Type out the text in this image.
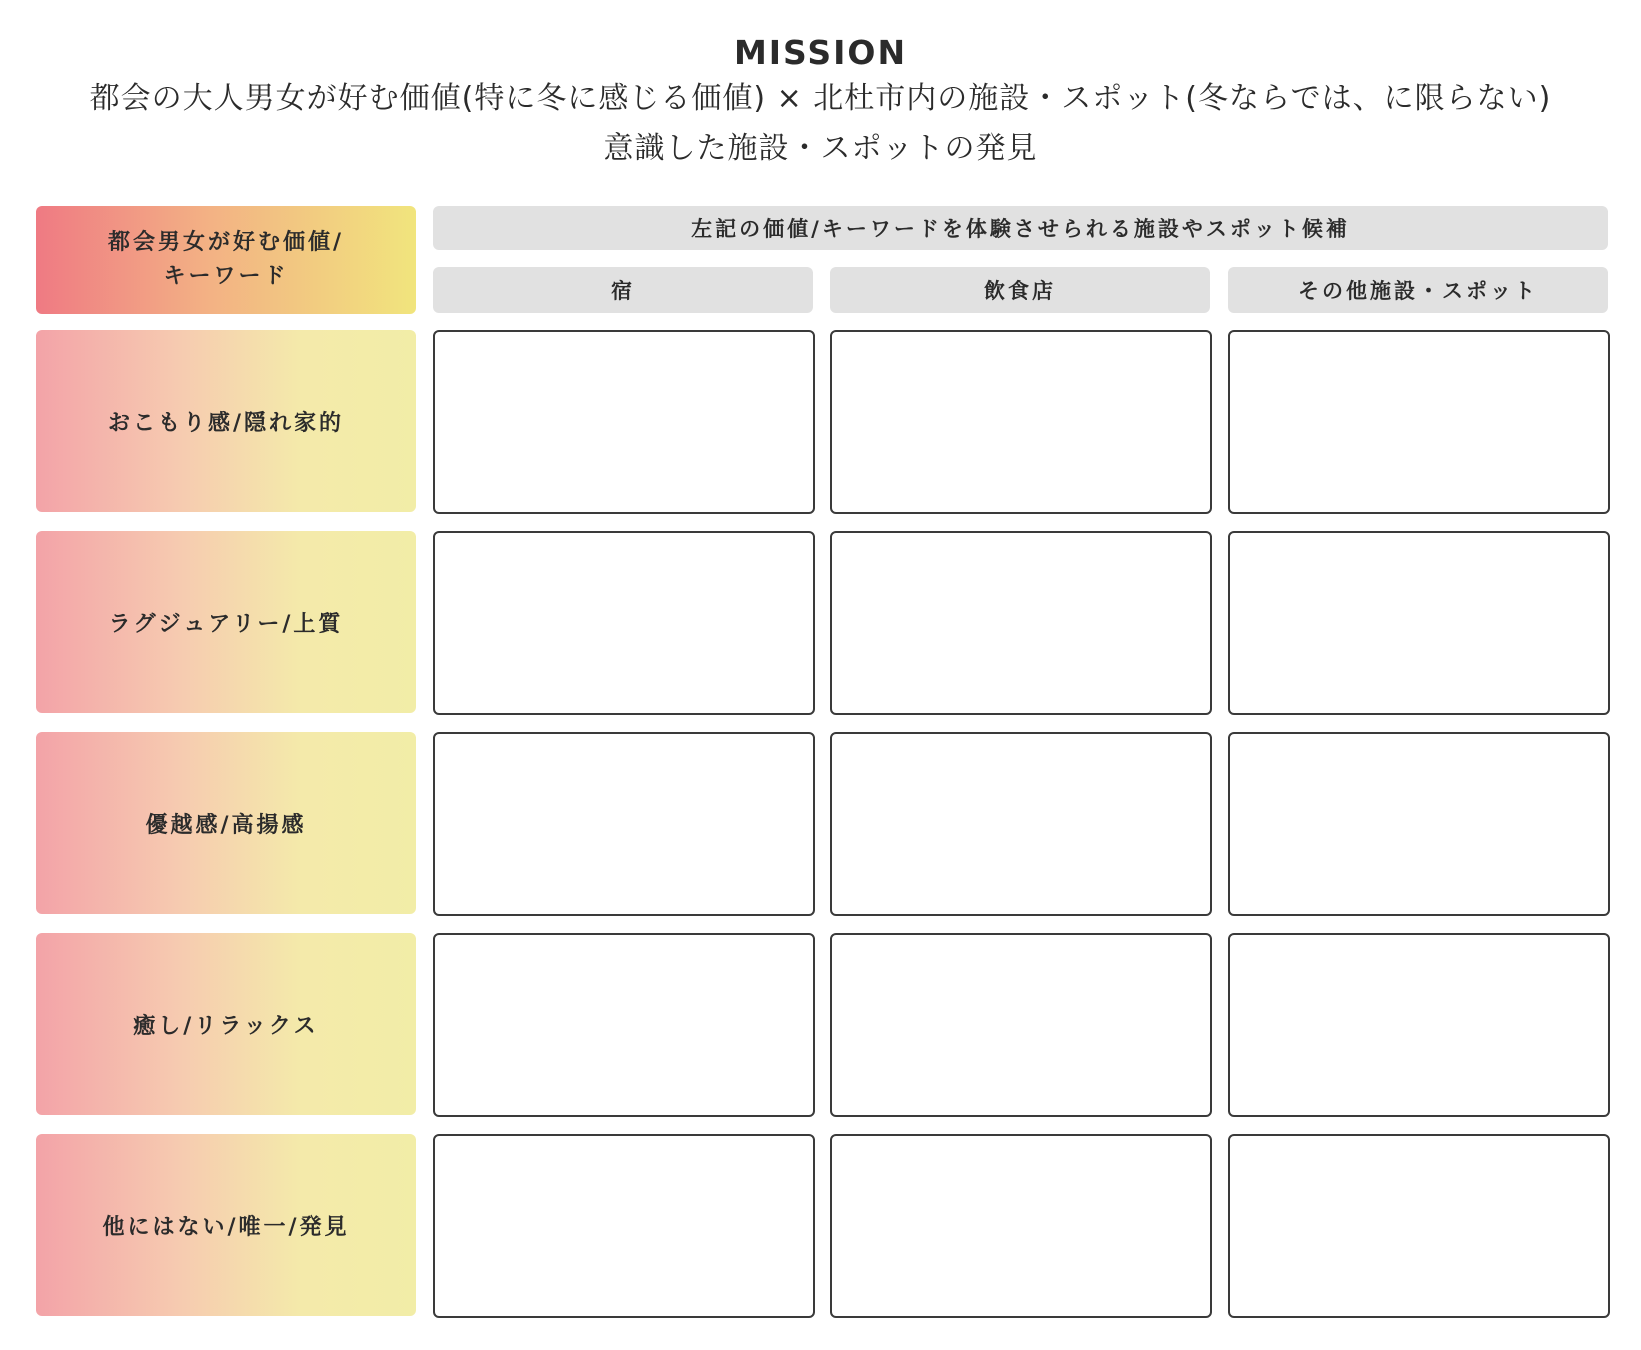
MISSION

都会の大人男女が好む価値(特に冬に感じる価値) × 北杜市内の施設・スポット(冬ならでは、に限らない)

意識した施設・スポットの発見

都会男女が好む価値/
キーワード
左記の価値/キーワードを体験させられる施設やスポット候補
宿	飲食店	その他施設・スポット
おこもり感/隠れ家的
ラグジュアリー/上質
優越感/高揚感
癒し/リラックス
他にはない/唯一/発見
